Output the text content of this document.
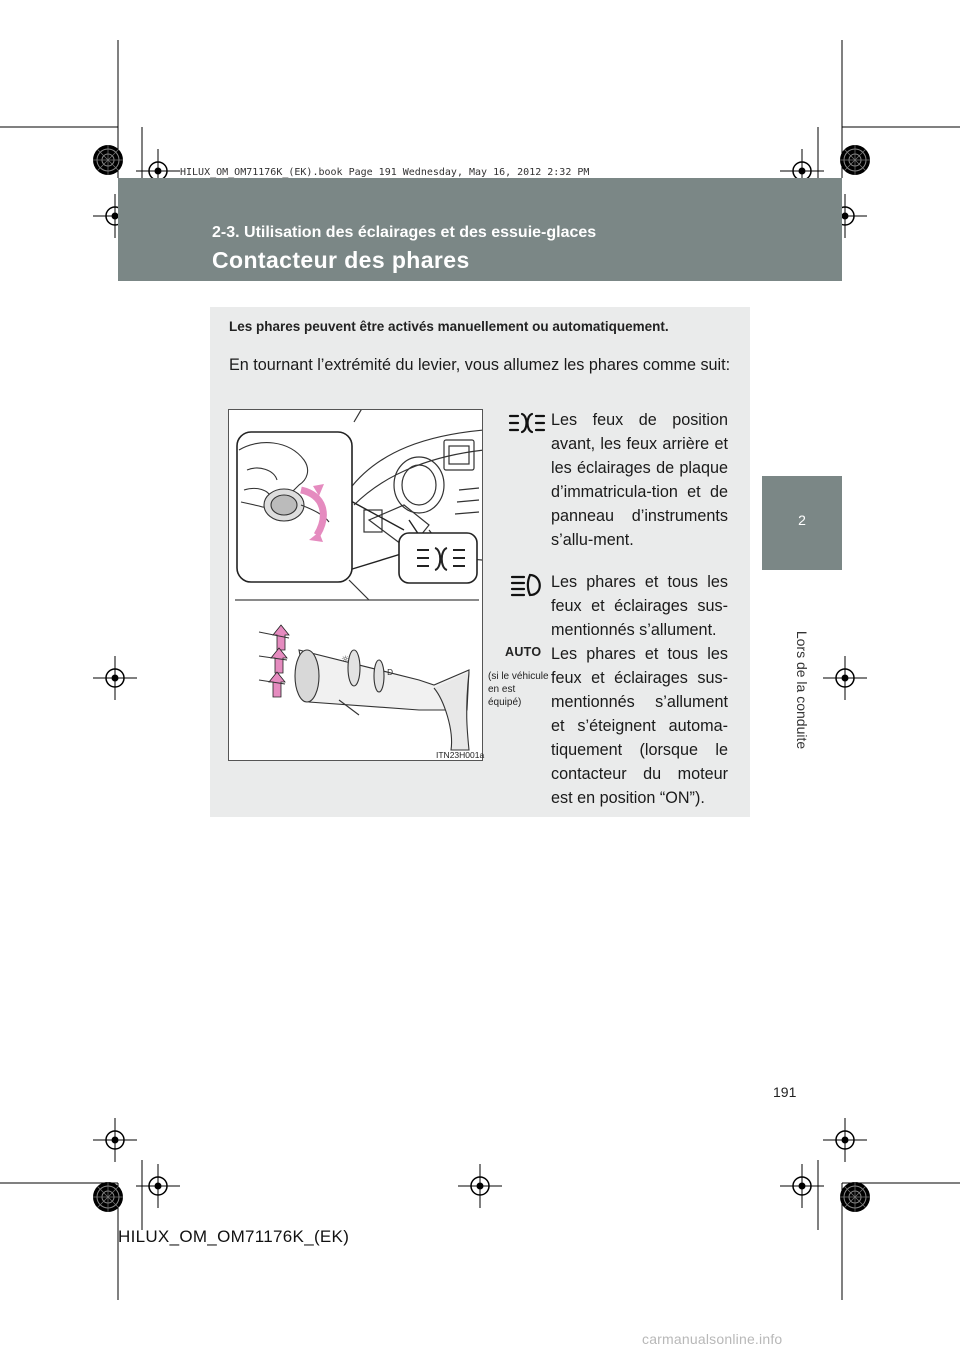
HILUX_OM_OM71176K_(EK).book Page 191 Wednesday, May 16, 2012 2:32 PM
2-3. Utilisation des éclairages et des essuie-glaces
Contacteur des phares
2
Lors de la conduite
Les phares peuvent être activés manuellement ou automatiquement.
En tournant l’extrémité du levier, vous allumez les phares comme suit:
☼
D
ITN23H001a
AUTO
(si le véhicule en est équipé)
Les feux de position avant, les feux arrière et les éclairages de plaque d’immatricula-tion et de panneau d’instruments s’allu-ment.
Les phares et tous les feux et éclairages sus-mentionnés s’allument.
Les phares et tous les feux et éclairages sus-mentionnés s’allument et s’éteignent automa-tiquement (lorsque le contacteur du moteur est en position “ON”).
191
HILUX_OM_OM71176K_(EK)
carmanualsonline.info
